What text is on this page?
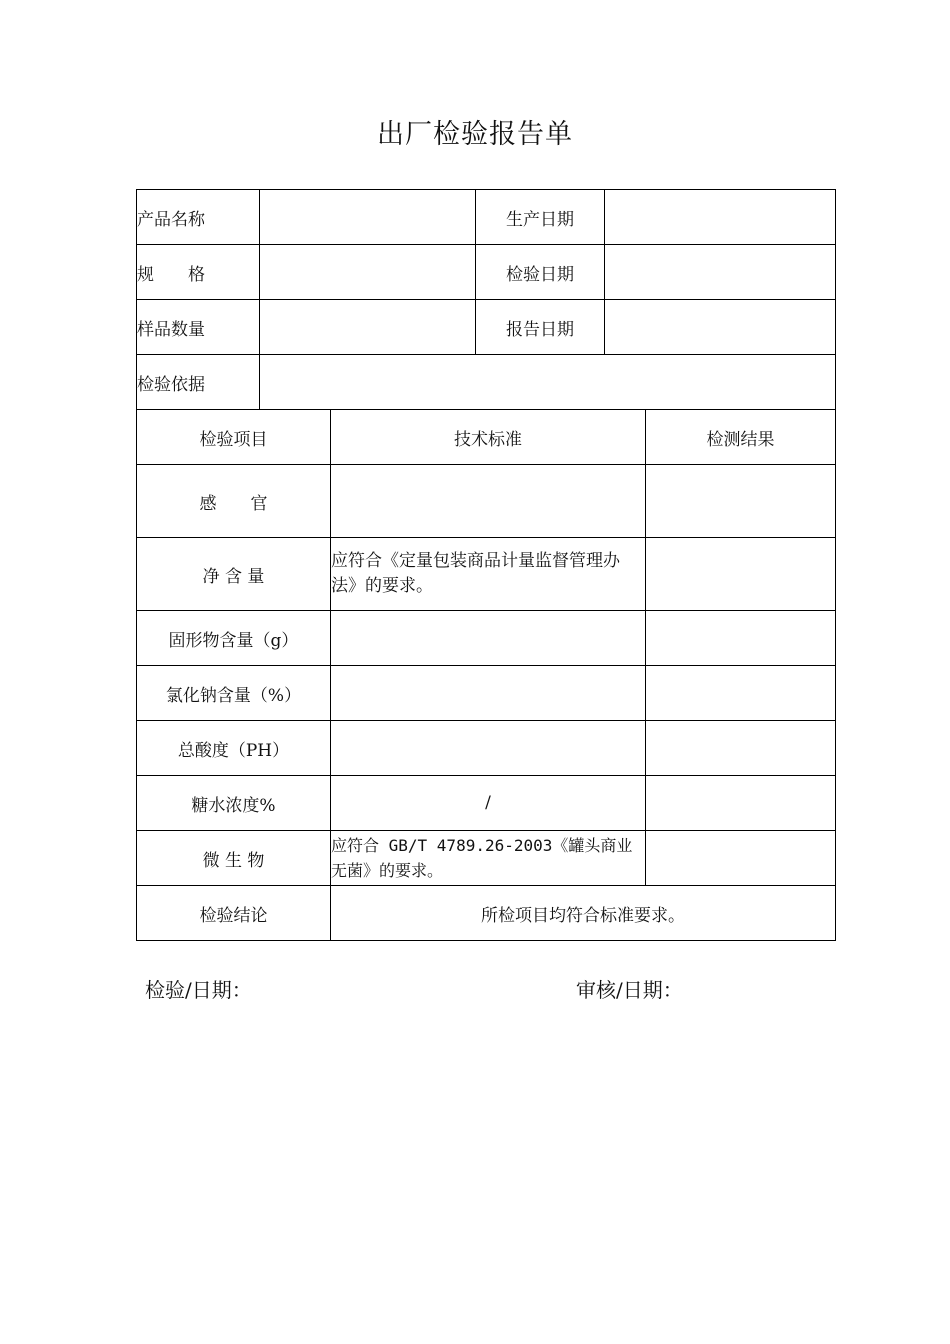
出厂检验报告单
产品名称			生产日期		
规　　格			检验日期		
样品数量			报告日期		
检验依据					
检验项目		技术标准			检测结果
感　　官					
净 含 量		应符合《定量包装商品计量监督管理办法》的要求。			
固形物含量（g）					
氯化钠含量（%）					
总酸度（PH）					
糖水浓度%		/			
微 生 物		应符合 GB/T 4789.26-2003《罐头商业无菌》的要求。			
检验结论		所检项目均符合标准要求。			
检验/日期：	审核/日期：
